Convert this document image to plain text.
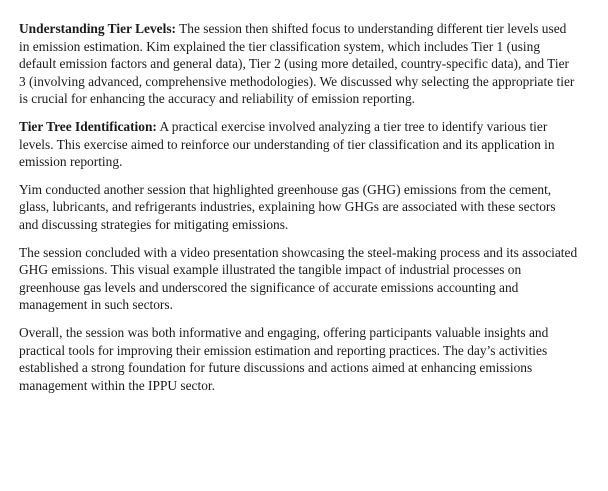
Understanding Tier Levels: The session then shifted focus to understanding different tier levels used in emission estimation. Kim explained the tier classification system, which includes Tier 1 (using default emission factors and general data), Tier 2 (using more detailed, country-specific data), and Tier 3 (involving advanced, comprehensive methodologies). We discussed why selecting the appropriate tier is crucial for enhancing the accuracy and reliability of emission reporting.

Tier Tree Identification: A practical exercise involved analyzing a tier tree to identify various tier levels. This exercise aimed to reinforce our understanding of tier classification and its application in emission reporting.

Yim conducted another session that highlighted greenhouse gas (GHG) emissions from the cement, glass, lubricants, and refrigerants industries, explaining how GHGs are associated with these sectors and discussing strategies for mitigating emissions.

The session concluded with a video presentation showcasing the steel-making process and its associated GHG emissions. This visual example illustrated the tangible impact of industrial processes on greenhouse gas levels and underscored the significance of accurate emissions accounting and management in such sectors.

Overall, the session was both informative and engaging, offering participants valuable insights and practical tools for improving their emission estimation and reporting practices. The day’s activities established a strong foundation for future discussions and actions aimed at enhancing emissions management within the IPPU sector.
